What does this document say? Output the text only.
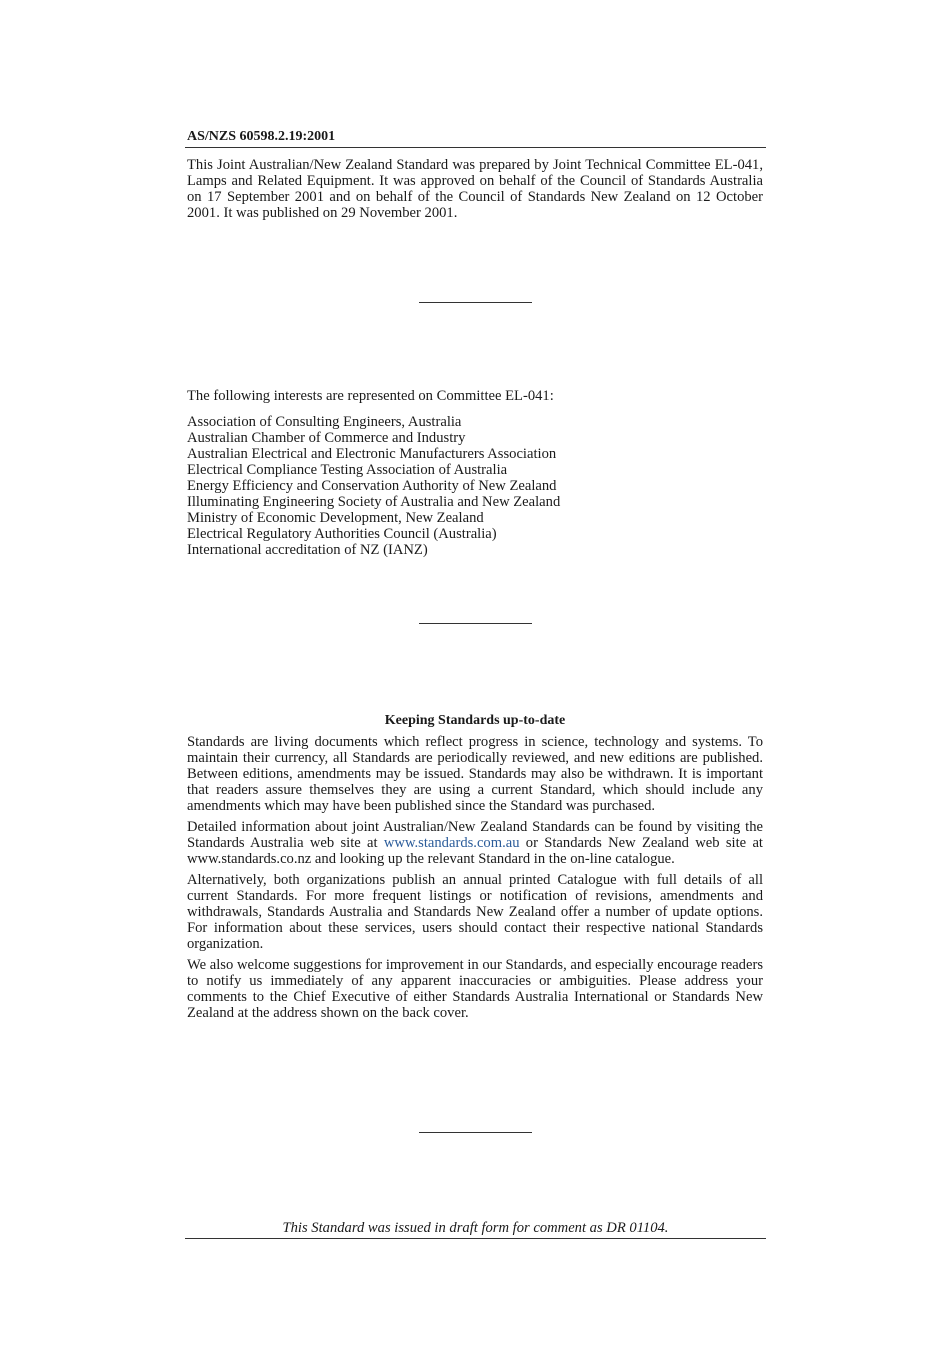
AS/NZS 60598.2.19:2001

This Joint Australian/New Zealand Standard was prepared by Joint Technical Committee EL-041, Lamps and Related Equipment. It was approved on behalf of the Council of Standards Australia on 17 September 2001 and on behalf of the Council of Standards New Zealand on 12 October 2001. It was published on 29 November 2001.

The following interests are represented on Committee EL-041:

Association of Consulting Engineers, Australia
Australian Chamber of Commerce and Industry
Australian Electrical and Electronic Manufacturers Association
Electrical Compliance Testing Association of Australia
Energy Efficiency and Conservation Authority of New Zealand
Illuminating Engineering Society of Australia and New Zealand
Ministry of Economic Development, New Zealand
Electrical Regulatory Authorities Council (Australia)
International accreditation of NZ (IANZ)
Keeping Standards up-to-date

Standards are living documents which reflect progress in science, technology and systems. To maintain their currency, all Standards are periodically reviewed, and new editions are published. Between editions, amendments may be issued. Standards may also be withdrawn. It is important that readers assure themselves they are using a current Standard, which should include any amendments which may have been published since the Standard was purchased.

Detailed information about joint Australian/New Zealand Standards can be found by visiting the Standards Australia web site at www.standards.com.au or Standards New Zealand web site at www.standards.co.nz and looking up the relevant Standard in the on-line catalogue.

Alternatively, both organizations publish an annual printed Catalogue with full details of all current Standards. For more frequent listings or notification of revisions, amendments and withdrawals, Standards Australia and Standards New Zealand offer a number of update options. For information about these services, users should contact their respective national Standards organization.

We also welcome suggestions for improvement in our Standards, and especially encourage readers to notify us immediately of any apparent inaccuracies or ambiguities. Please address your comments to the Chief Executive of either Standards Australia International or Standards New Zealand at the address shown on the back cover.

This Standard was issued in draft form for comment as DR 01104.
